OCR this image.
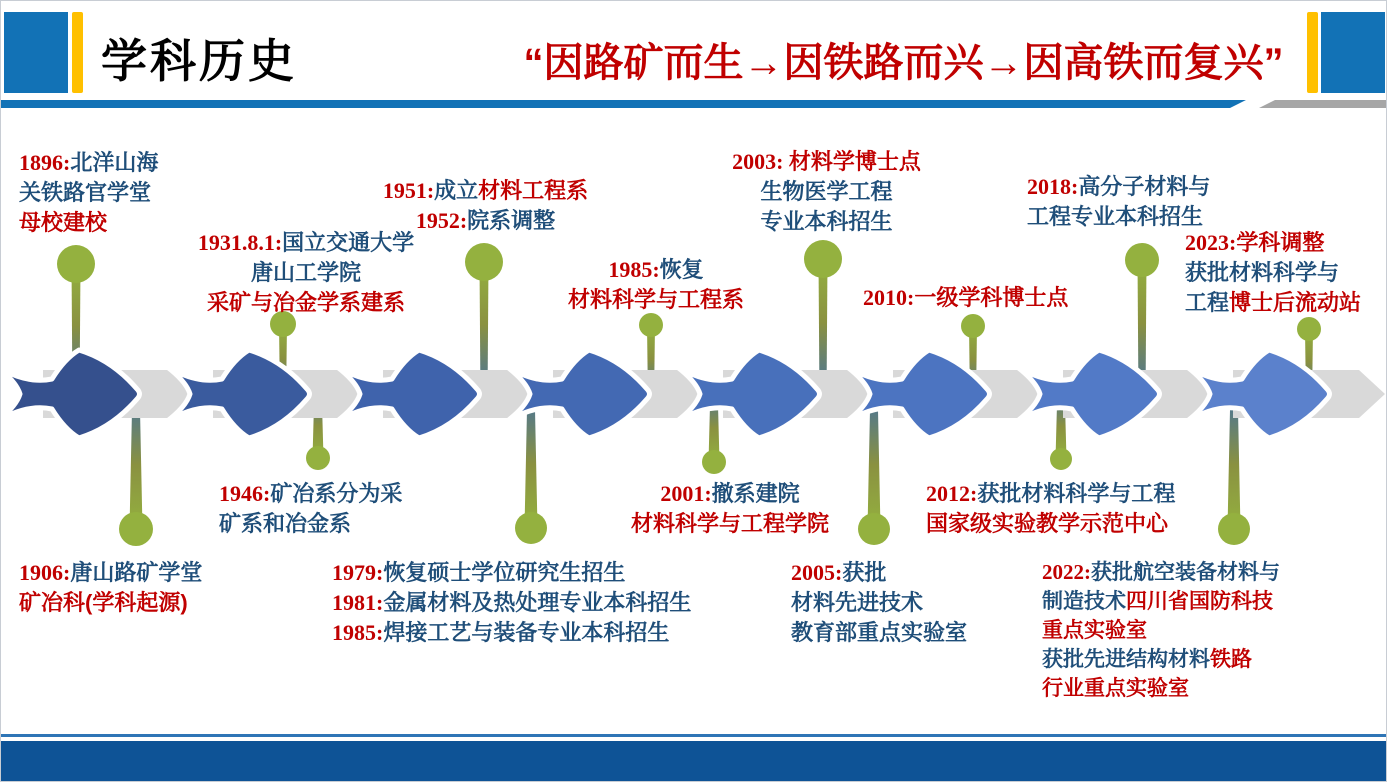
学科历史	“因路矿而生→因铁路而兴→因高铁而复兴”
1896:北洋山海
关铁路官学堂
母校建校
1931.8.1:国立交通大学
唐山工学院
采矿与冶金学系建系
1951:成立材料工程系
1952:院系调整
1985:恢复
材料科学与工程系
2003: 材料学博士点
生物医学工程
专业本科招生
2010:一级学科博士点
2018:高分子材料与
工程专业本科招生
2023:学科调整
获批材料科学与
工程博士后流动站
1906:唐山路矿学堂
矿冶科(学科起源)
1946:矿冶系分为采
矿系和冶金系
1979:恢复硕士学位研究生招生
1981:金属材料及热处理专业本科招生
1985:焊接工艺与装备专业本科招生
2001:撤系建院
材料科学与工程学院
2005:获批
材料先进技术
教育部重点实验室
2012:获批材料科学与工程
国家级实验教学示范中心
2022:获批航空装备材料与
制造技术四川省国防科技
重点实验室
获批先进结构材料铁路
行业重点实验室
